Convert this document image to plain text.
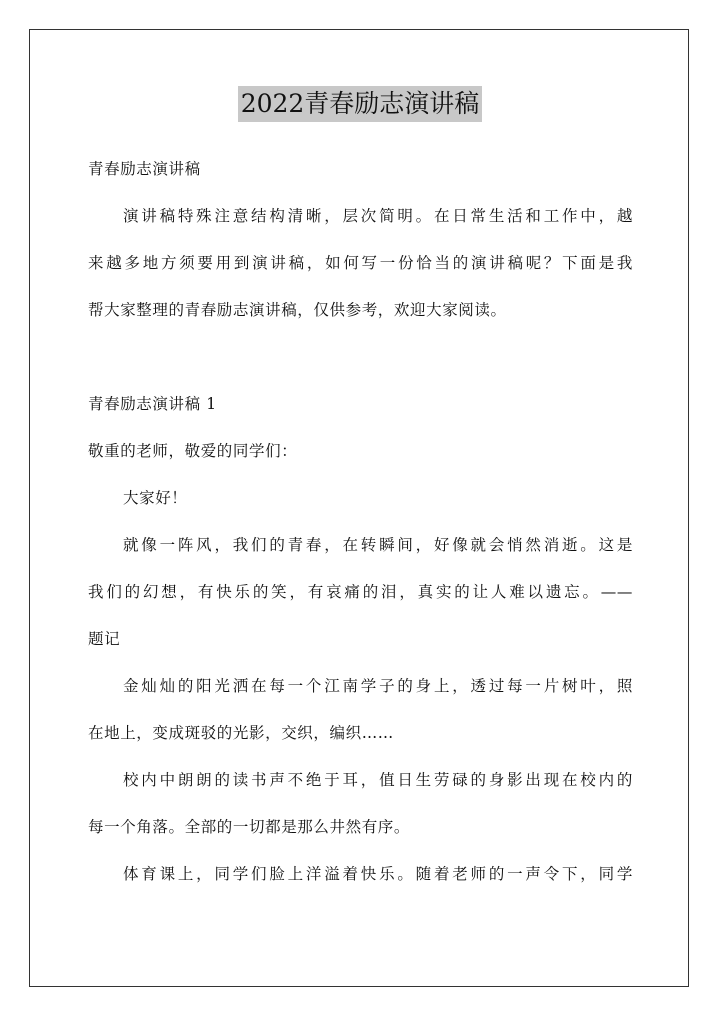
2022青春励志演讲稿
青春励志演讲稿
演讲稿特殊注意结构清晰，层次简明。在日常生活和工作中，越
来越多地方须要用到演讲稿，如何写一份恰当的演讲稿呢？下面是我
帮大家整理的青春励志演讲稿，仅供参考，欢迎大家阅读。
青春励志演讲稿 1
敬重的老师，敬爱的同学们：
大家好！
就像一阵风，我们的青春，在转瞬间，好像就会悄然消逝。这是
我们的幻想，有快乐的笑，有哀痛的泪，真实的让人难以遗忘。——
题记
金灿灿的阳光洒在每一个江南学子的身上，透过每一片树叶，照
在地上，变成斑驳的光影，交织，编织……
校内中朗朗的读书声不绝于耳，值日生劳碌的身影出现在校内的
每一个角落。全部的一切都是那么井然有序。
体育课上，同学们脸上洋溢着快乐。随着老师的一声令下，同学
